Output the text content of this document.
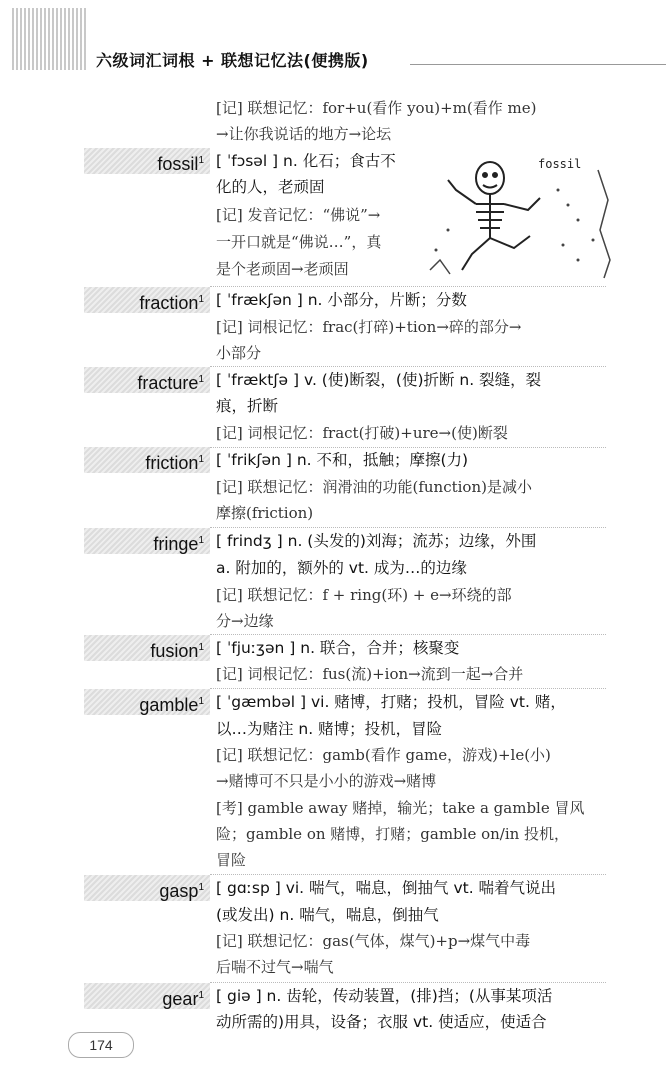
六级词汇词根 + 联想记忆法(便携版)
[记] 联想记忆：for+u(看作 you)+m(看作 me)
→让你我说话的地方→论坛
fossil$^1$ [ ˈfɔsəl ] n. 化石；食古不
化的人，老顽固
[记] 发音记忆：“佛说”→
一开口就是“佛说…”，真
是个老顽固→老顽固
fossil
fraction$^1$ [ ˈfrækʃən ] n. 小部分，片断；分数
[记] 词根记忆：frac(打碎)+tion→碎的部分→
小部分
fracture$^1$ [ ˈfræktʃə ] v. (使)断裂，(使)折断 n. 裂缝，裂
痕，折断
[记] 词根记忆：fract(打破)+ure→(使)断裂
friction$^1$ [ ˈfrikʃən ] n. 不和，抵触；摩擦(力)
[记] 联想记忆：润滑油的功能(function)是减小
摩擦(friction)
fringe$^1$ [ frindʒ ] n. (头发的)刘海；流苏；边缘，外围
a. 附加的，额外的 vt. 成为…的边缘
[记] 联想记忆：f + ring(环) + e→环绕的部
分→边缘
fusion$^1$ [ ˈfjuːʒən ] n. 联合，合并；核聚变
[记] 词根记忆：fus(流)+ion→流到一起→合并
gamble$^1$ [ ˈgæmbəl ] vi. 赌博，打赌；投机，冒险 vt. 赌，
以…为赌注 n. 赌博；投机，冒险
[记] 联想记忆：gamb(看作 game，游戏)+le(小)
→赌博可不只是小小的游戏→赌博
[考] gamble away 赌掉，输光；take a gamble 冒风
险；gamble on 赌博，打赌；gamble on/in 投机，
冒险
gasp$^1$ [ gɑːsp ] vi. 喘气，喘息，倒抽气 vt. 喘着气说出
(或发出) n. 喘气，喘息，倒抽气
[记] 联想记忆：gas(气体，煤气)+p→煤气中毒
后喘不过气→喘气
gear$^1$ [ giə ] n. 齿轮，传动装置，(排)挡；(从事某项活
动所需的)用具，设备；衣服 vt. 使适应，使适合
174
